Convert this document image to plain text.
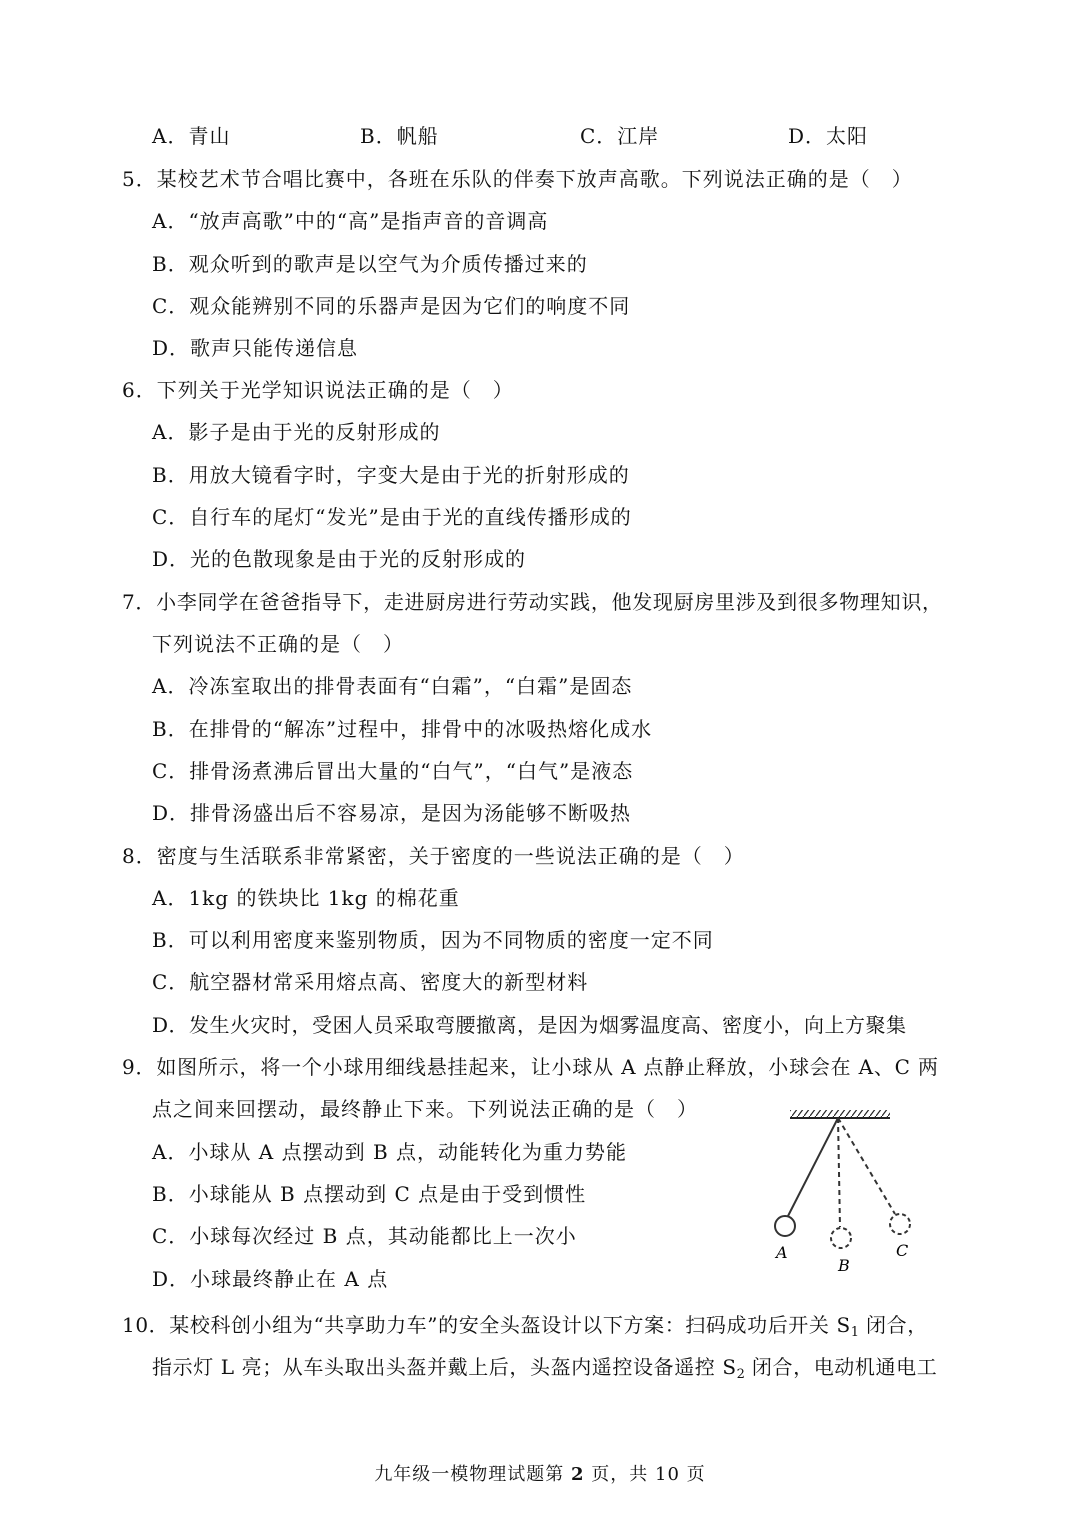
A．青山	B．帆船	C．江岸	D．太阳
5．某校艺术节合唱比赛中，各班在乐队的伴奏下放声高歌。下列说法正确的是（　）
A．“放声高歌”中的“高”是指声音的音调高
B．观众听到的歌声是以空气为介质传播过来的
C．观众能辨别不同的乐器声是因为它们的响度不同
D．歌声只能传递信息
6．下列关于光学知识说法正确的是（　）
A．影子是由于光的反射形成的
B．用放大镜看字时，字变大是由于光的折射形成的
C．自行车的尾灯“发光”是由于光的直线传播形成的
D．光的色散现象是由于光的反射形成的
7．小李同学在爸爸指导下，走进厨房进行劳动实践，他发现厨房里涉及到很多物理知识，
下列说法不正确的是（　）
A．冷冻室取出的排骨表面有“白霜”，“白霜”是固态
B．在排骨的“解冻”过程中，排骨中的冰吸热熔化成水
C．排骨汤煮沸后冒出大量的“白气”，“白气”是液态
D．排骨汤盛出后不容易凉，是因为汤能够不断吸热
8．密度与生活联系非常紧密，关于密度的一些说法正确的是（　）
A．1kg 的铁块比 1kg 的棉花重
B．可以利用密度来鉴别物质，因为不同物质的密度一定不同
C．航空器材常采用熔点高、密度大的新型材料
D．发生火灾时，受困人员采取弯腰撤离，是因为烟雾温度高、密度小，向上方聚集
9．如图所示，将一个小球用细线悬挂起来，让小球从 A 点静止释放，小球会在 A、C 两
点之间来回摆动，最终静止下来。下列说法正确的是（　）
A．小球从 A 点摆动到 B 点，动能转化为重力势能
B．小球能从 B 点摆动到 C 点是由于受到惯性
C．小球每次经过 B 点，其动能都比上一次小
D．小球最终静止在 A 点
A
B
C
10．某校科创小组为“共享助力车”的安全头盔设计以下方案：扫码成功后开关 $S_1$ 闭合，
指示灯 L 亮；从车头取出头盔并戴上后，头盔内遥控设备遥控 $S_2$ 闭合，电动机通电工
九年级一模物理试题第 2 页，共 10 页
